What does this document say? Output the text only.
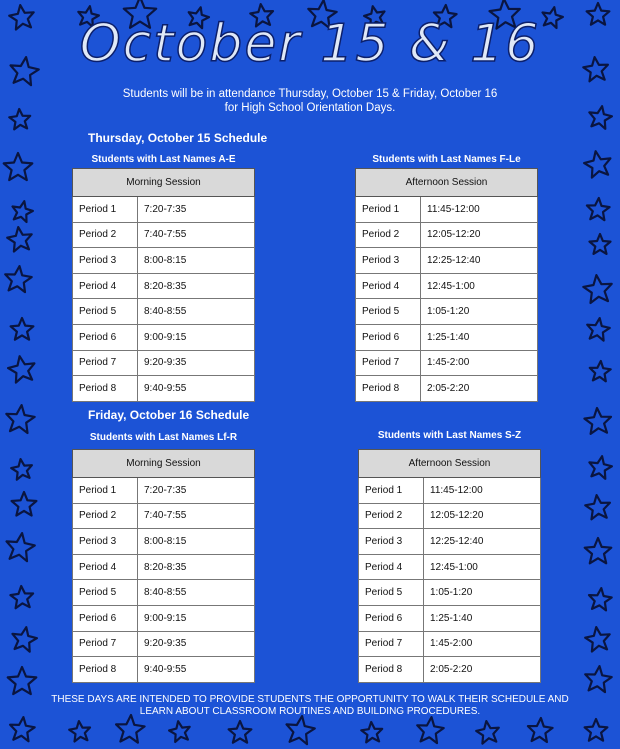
October 15 & 16
Students will be in attendance Thursday, October 15 & Friday, October 16 for High School Orientation Days.
Thursday, October 15 Schedule
Students with Last Names A-E
Morning Session	
Period 1	7:20-7:35
Period 2	7:40-7:55
Period 3	8:00-8:15
Period 4	8:20-8:35
Period 5	8:40-8:55
Period 6	9:00-9:15
Period 7	9:20-9:35
Period 8	9:40-9:55
Students with Last Names F-Le
Afternoon Session	
Period 1	11:45-12:00
Period 2	12:05-12:20
Period 3	12:25-12:40
Period 4	12:45-1:00
Period 5	1:05-1:20
Period 6	1:25-1:40
Period 7	1:45-2:00
Period 8	2:05-2:20
Friday, October 16 Schedule
Students with Last Names Lf-R
Morning Session	
Period 1	7:20-7:35
Period 2	7:40-7:55
Period 3	8:00-8:15
Period 4	8:20-8:35
Period 5	8:40-8:55
Period 6	9:00-9:15
Period 7	9:20-9:35
Period 8	9:40-9:55
Students with Last Names S-Z
Afternoon Session	
Period 1	11:45-12:00
Period 2	12:05-12:20
Period 3	12:25-12:40
Period 4	12:45-1:00
Period 5	1:05-1:20
Period 6	1:25-1:40
Period 7	1:45-2:00
Period 8	2:05-2:20
THESE DAYS ARE INTENDED TO PROVIDE STUDENTS THE OPPORTUNITY TO WALK THEIR SCHEDULE AND LEARN ABOUT CLASSROOM ROUTINES AND BUILDING PROCEDURES.
